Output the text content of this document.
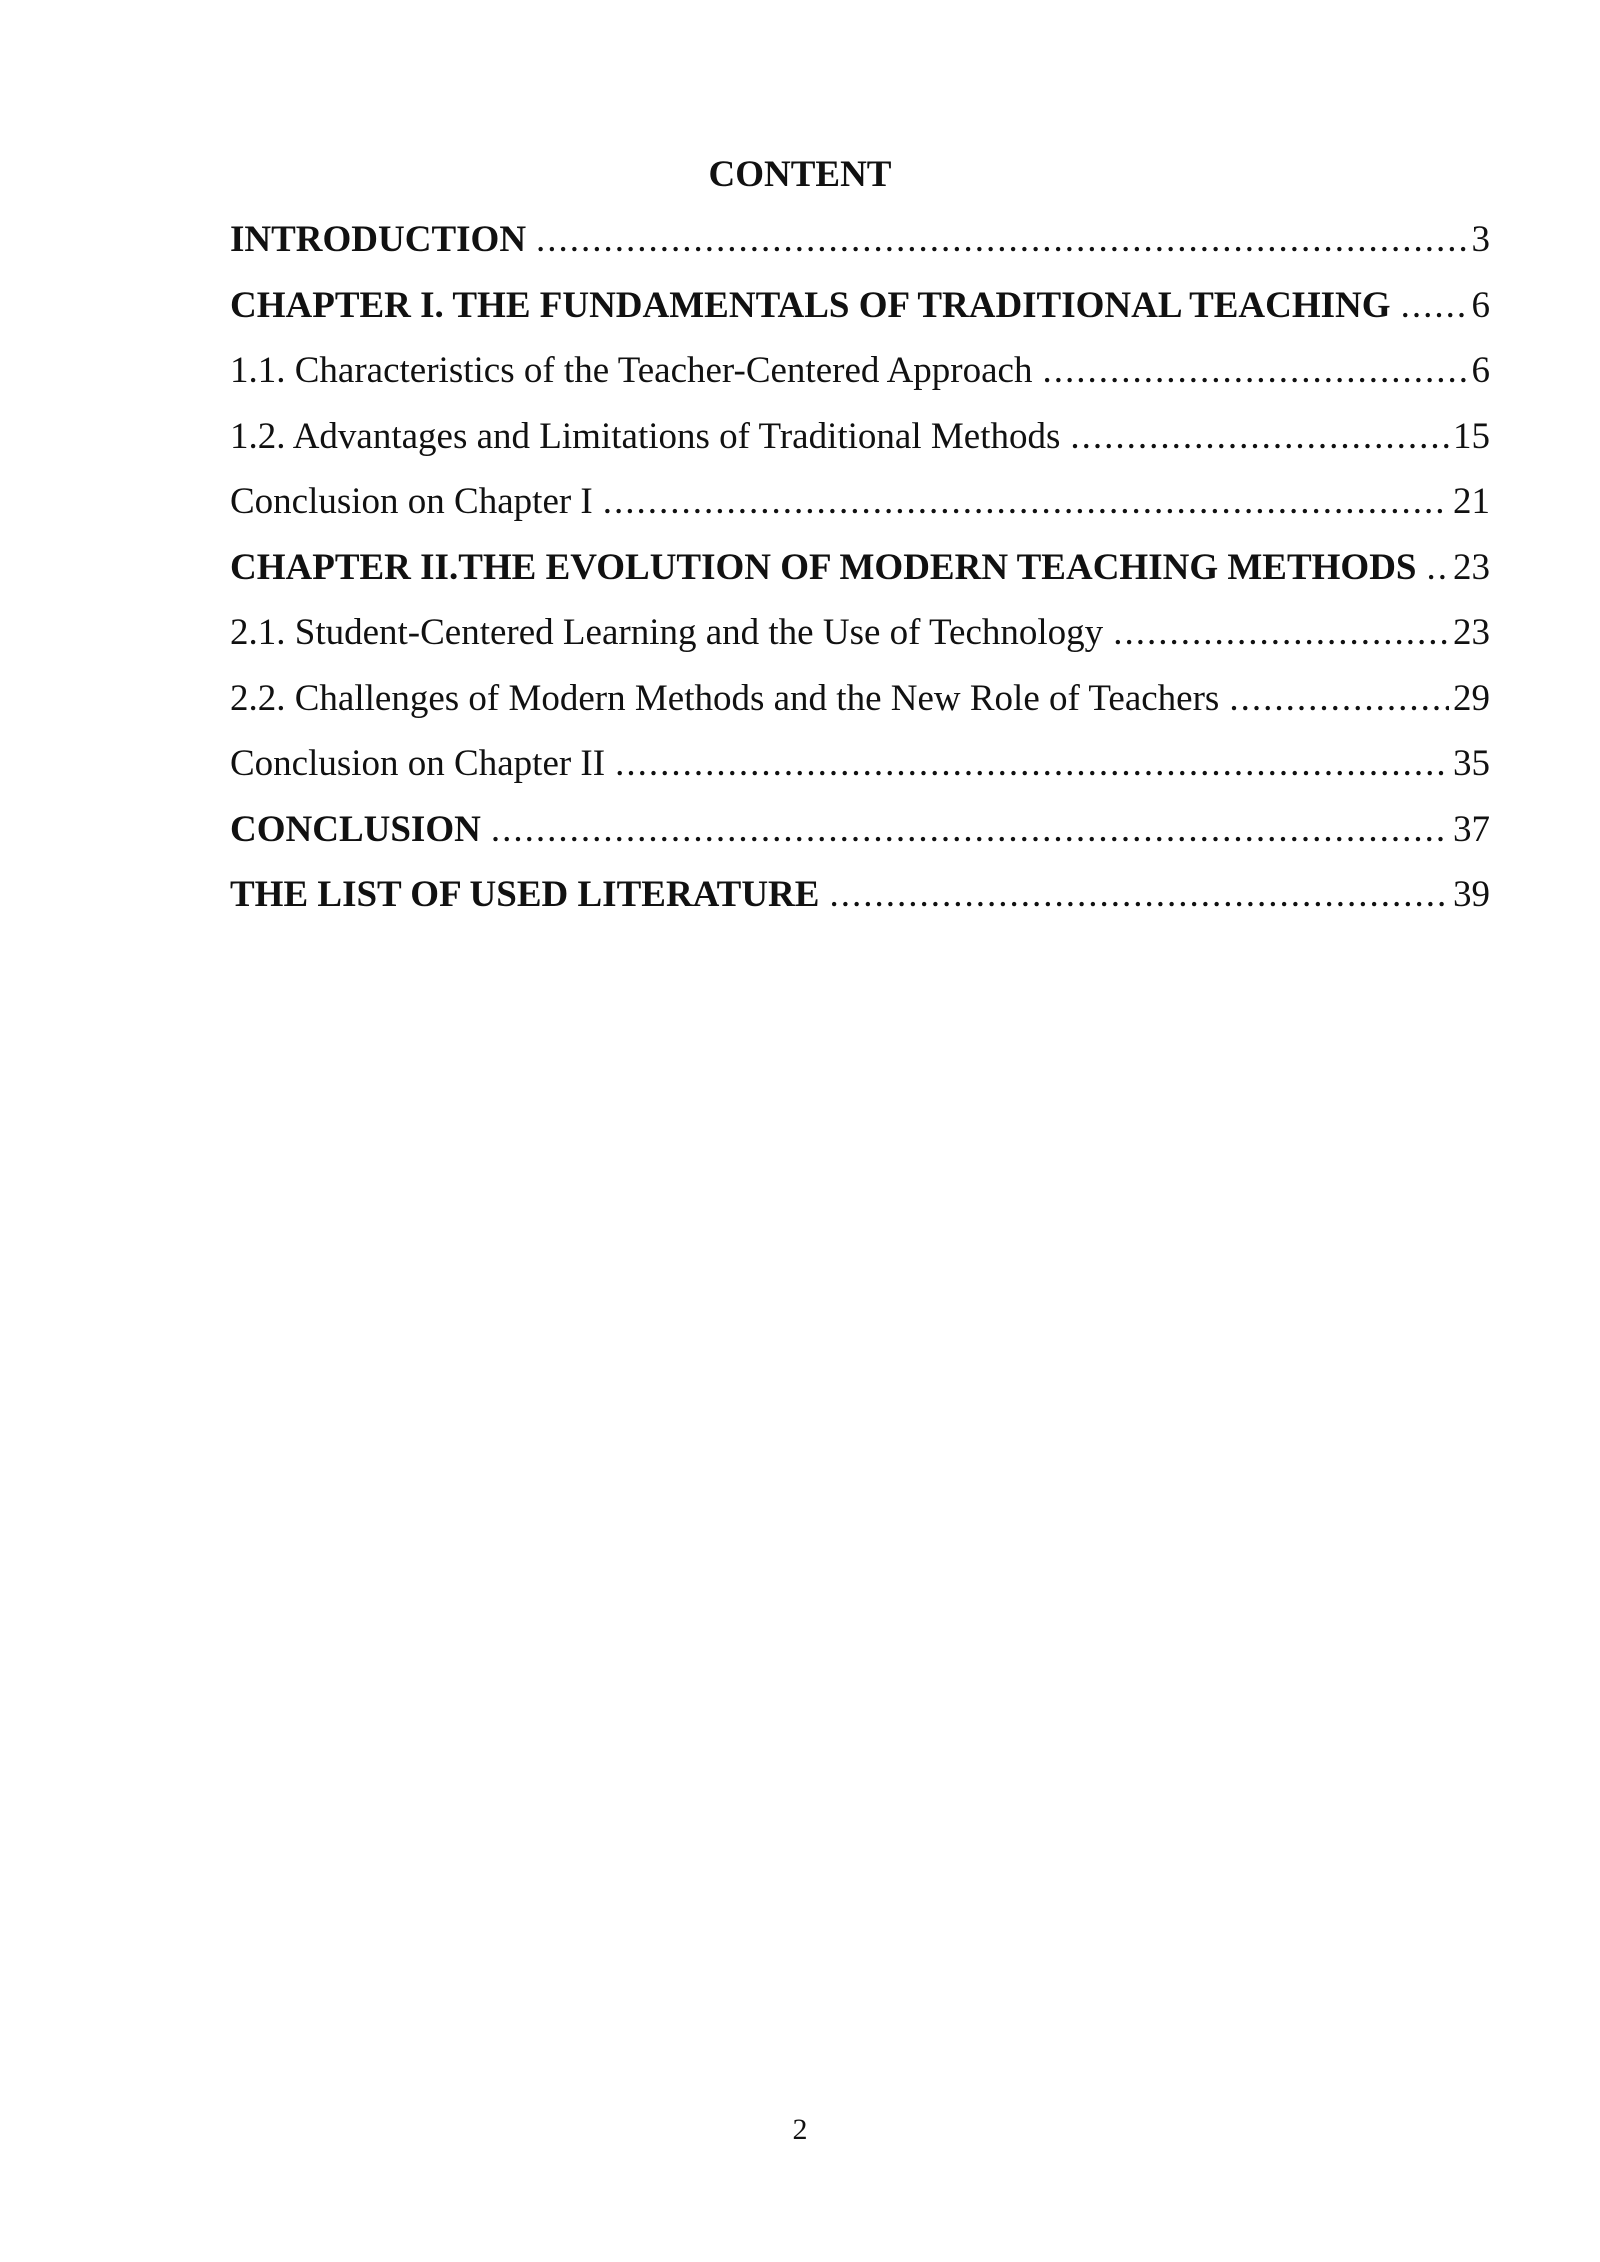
CONTENT
INTRODUCTION .....	3
CHAPTER I. THE FUNDAMENTALS OF TRADITIONAL TEACHING ..... 6
1.1. Characteristics of the Teacher-Centered Approach .....	6
1.2. Advantages and Limitations of Traditional Methods .....	15
Conclusion on Chapter I .....	21
CHAPTER II.THE EVOLUTION OF MODERN TEACHING METHODS ..... 23
2.1. Student-Centered Learning and the Use of Technology .....	23
2.2. Challenges of Modern Methods and the New Role of Teachers .....	29
Conclusion on Chapter II .....	35
CONCLUSION .....	37
THE LIST OF USED LITERATURE .....	39
2
